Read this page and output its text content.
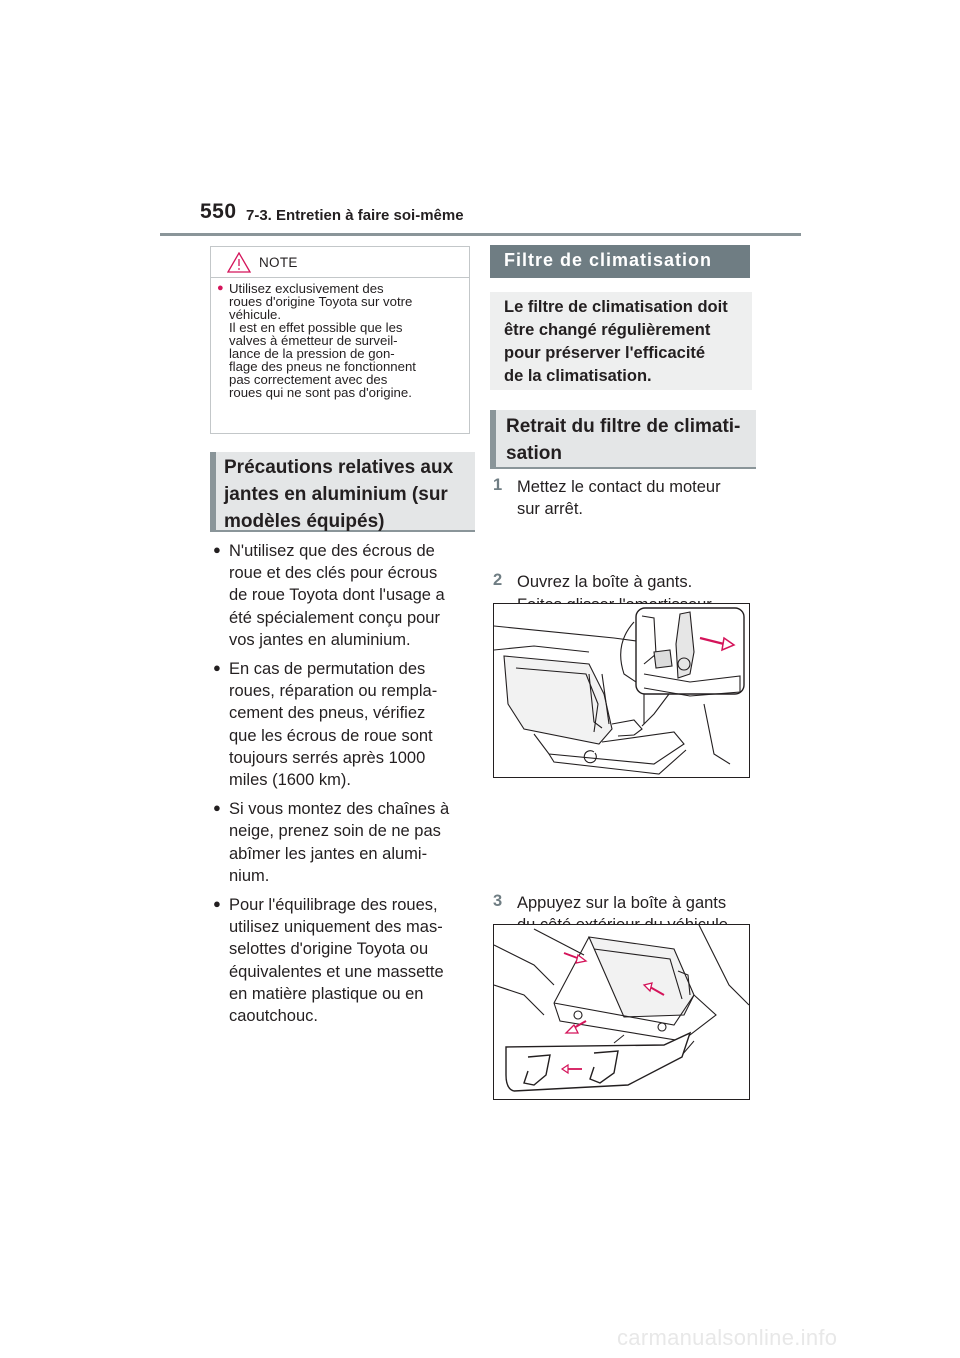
550 7-3. Entretien à faire soi-même
NOTE
● Utilisez exclusivement des
roues d'origine Toyota sur votre
véhicule.
Il est en effet possible que les
valves à émetteur de surveil-
lance de la pression de gon-
flage des pneus ne fonctionnent
pas correctement avec des
roues qui ne sont pas d'origine.
Précautions relatives aux
jantes en aluminium (sur
modèles équipés)
● N'utilisez que des écrous de
roue et des clés pour écrous
de roue Toyota dont l'usage a
été spécialement conçu pour
vos jantes en aluminium.
● En cas de permutation des
roues, réparation ou rempla-
cement des pneus, vérifiez
que les écrous de roue sont
toujours serrés après 1000
miles (1600 km).
● Si vous montez des chaînes à
neige, prenez soin de ne pas
abîmer les jantes en alumi-
nium.
● Pour l'équilibrage des roues,
utilisez uniquement des mas-
selottes d'origine Toyota ou
équivalentes et une massette
en matière plastique ou en
caoutchouc.
Filtre de climatisation
Le filtre de climatisation doit
être changé régulièrement
pour préserver l'efficacité
de la climatisation.
Retrait du filtre de climati-
sation
1 Mettez le contact du moteur
sur arrêt.
2 Ouvrez la boîte à gants.

3 Appuyez sur la boîte à gants

carmanualsonline.info
